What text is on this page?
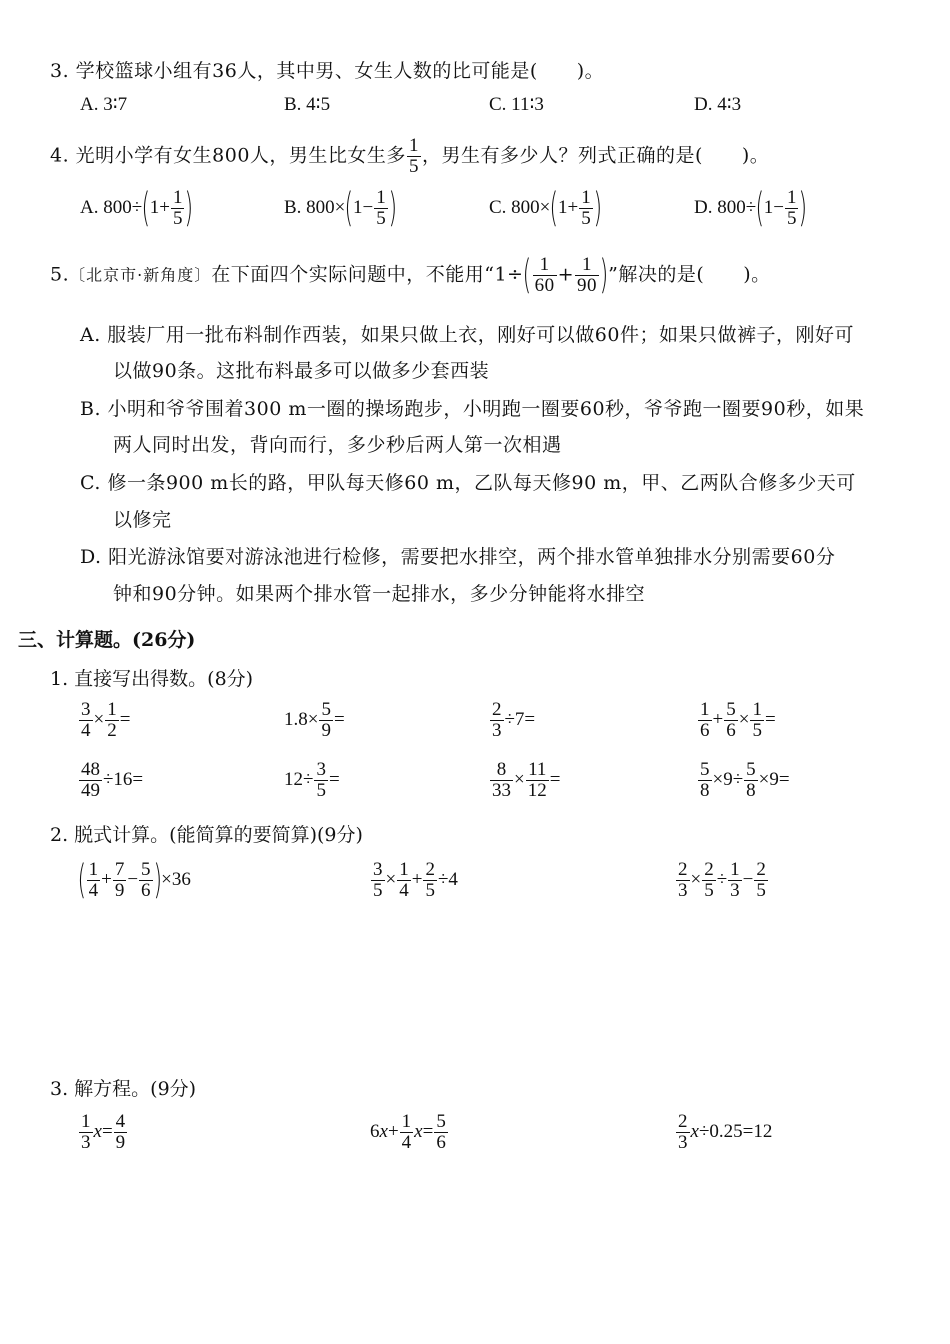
3. 学校篮球小组有36人，其中男、女生人数的比可能是(　　)。
A. 3∶7	B. 4∶5	C. 11∶3	D. 4∶3
4. 光明小学有女生800人，男生比女生多 $\frac{1}{5}$ ，男生有多少人？列式正确的是(　　)。
A. $800\div(1+ \frac{1}{5}$ )	B. $800\times(1- \frac{1}{5}$ )	C. $800\times(1+ \frac{1}{5}$ )	D. $800\div(1- \frac{1}{5}$ )
5.〔北京市·新角度〕在下面四个实际问题中，不能用“$1\div( \frac{1}{60} + \frac{1}{90}$ )”解决的是(　　)。
A. 服装厂用一批布料制作西装，如果只做上衣，刚好可以做60件；如果只做裤子，刚好可
以做90条。这批布料最多可以做多少套西装
B. 小明和爷爷围着300 m一圈的操场跑步，小明跑一圈要60秒，爷爷跑一圈要90秒，如果
两人同时出发，背向而行，多少秒后两人第一次相遇
C. 修一条900 m长的路，甲队每天修60 m，乙队每天修90 m，甲、乙两队合修多少天可
以修完
D. 阳光游泳馆要对游泳池进行检修，需要把水排空，两个排水管单独排水分别需要60分
钟和90分钟。如果两个排水管一起排水，多少分钟能将水排空
三、计算题。(26分)
1. 直接写出得数。(8分)
$\frac{3}{4} \times \frac{1}{2}$ =	$1.8\times \frac{5}{9}$ =	$\frac{2}{3} \div 7=$	$\frac{1}{6} + \frac{5}{6} \times \frac{1}{5}$ =
$\frac{48}{49} \div 16=$	$12\div \frac{3}{5}$ =	$\frac{8}{33} \times \frac{11}{12}$ =	$\frac{5}{8} \times 9\div \frac{5}{8} \times 9=$
2. 脱式计算。(能简算的要简算)(9分)
( $\frac{1}{4} + \frac{7}{9} - \frac{5}{6} )\times 36$	$\frac{3}{5} \times \frac{1}{4} + \frac{2}{5} \div 4$	$\frac{2}{3} \times \frac{2}{5} \div \frac{1}{3} - \frac{2}{5}$
3. 解方程。(9分)
$\frac{1}{3} x= \frac{4}{9}$	$6x+ \frac{1}{4} x= \frac{5}{6}$	$\frac{2}{3} x\div 0.25=12$
